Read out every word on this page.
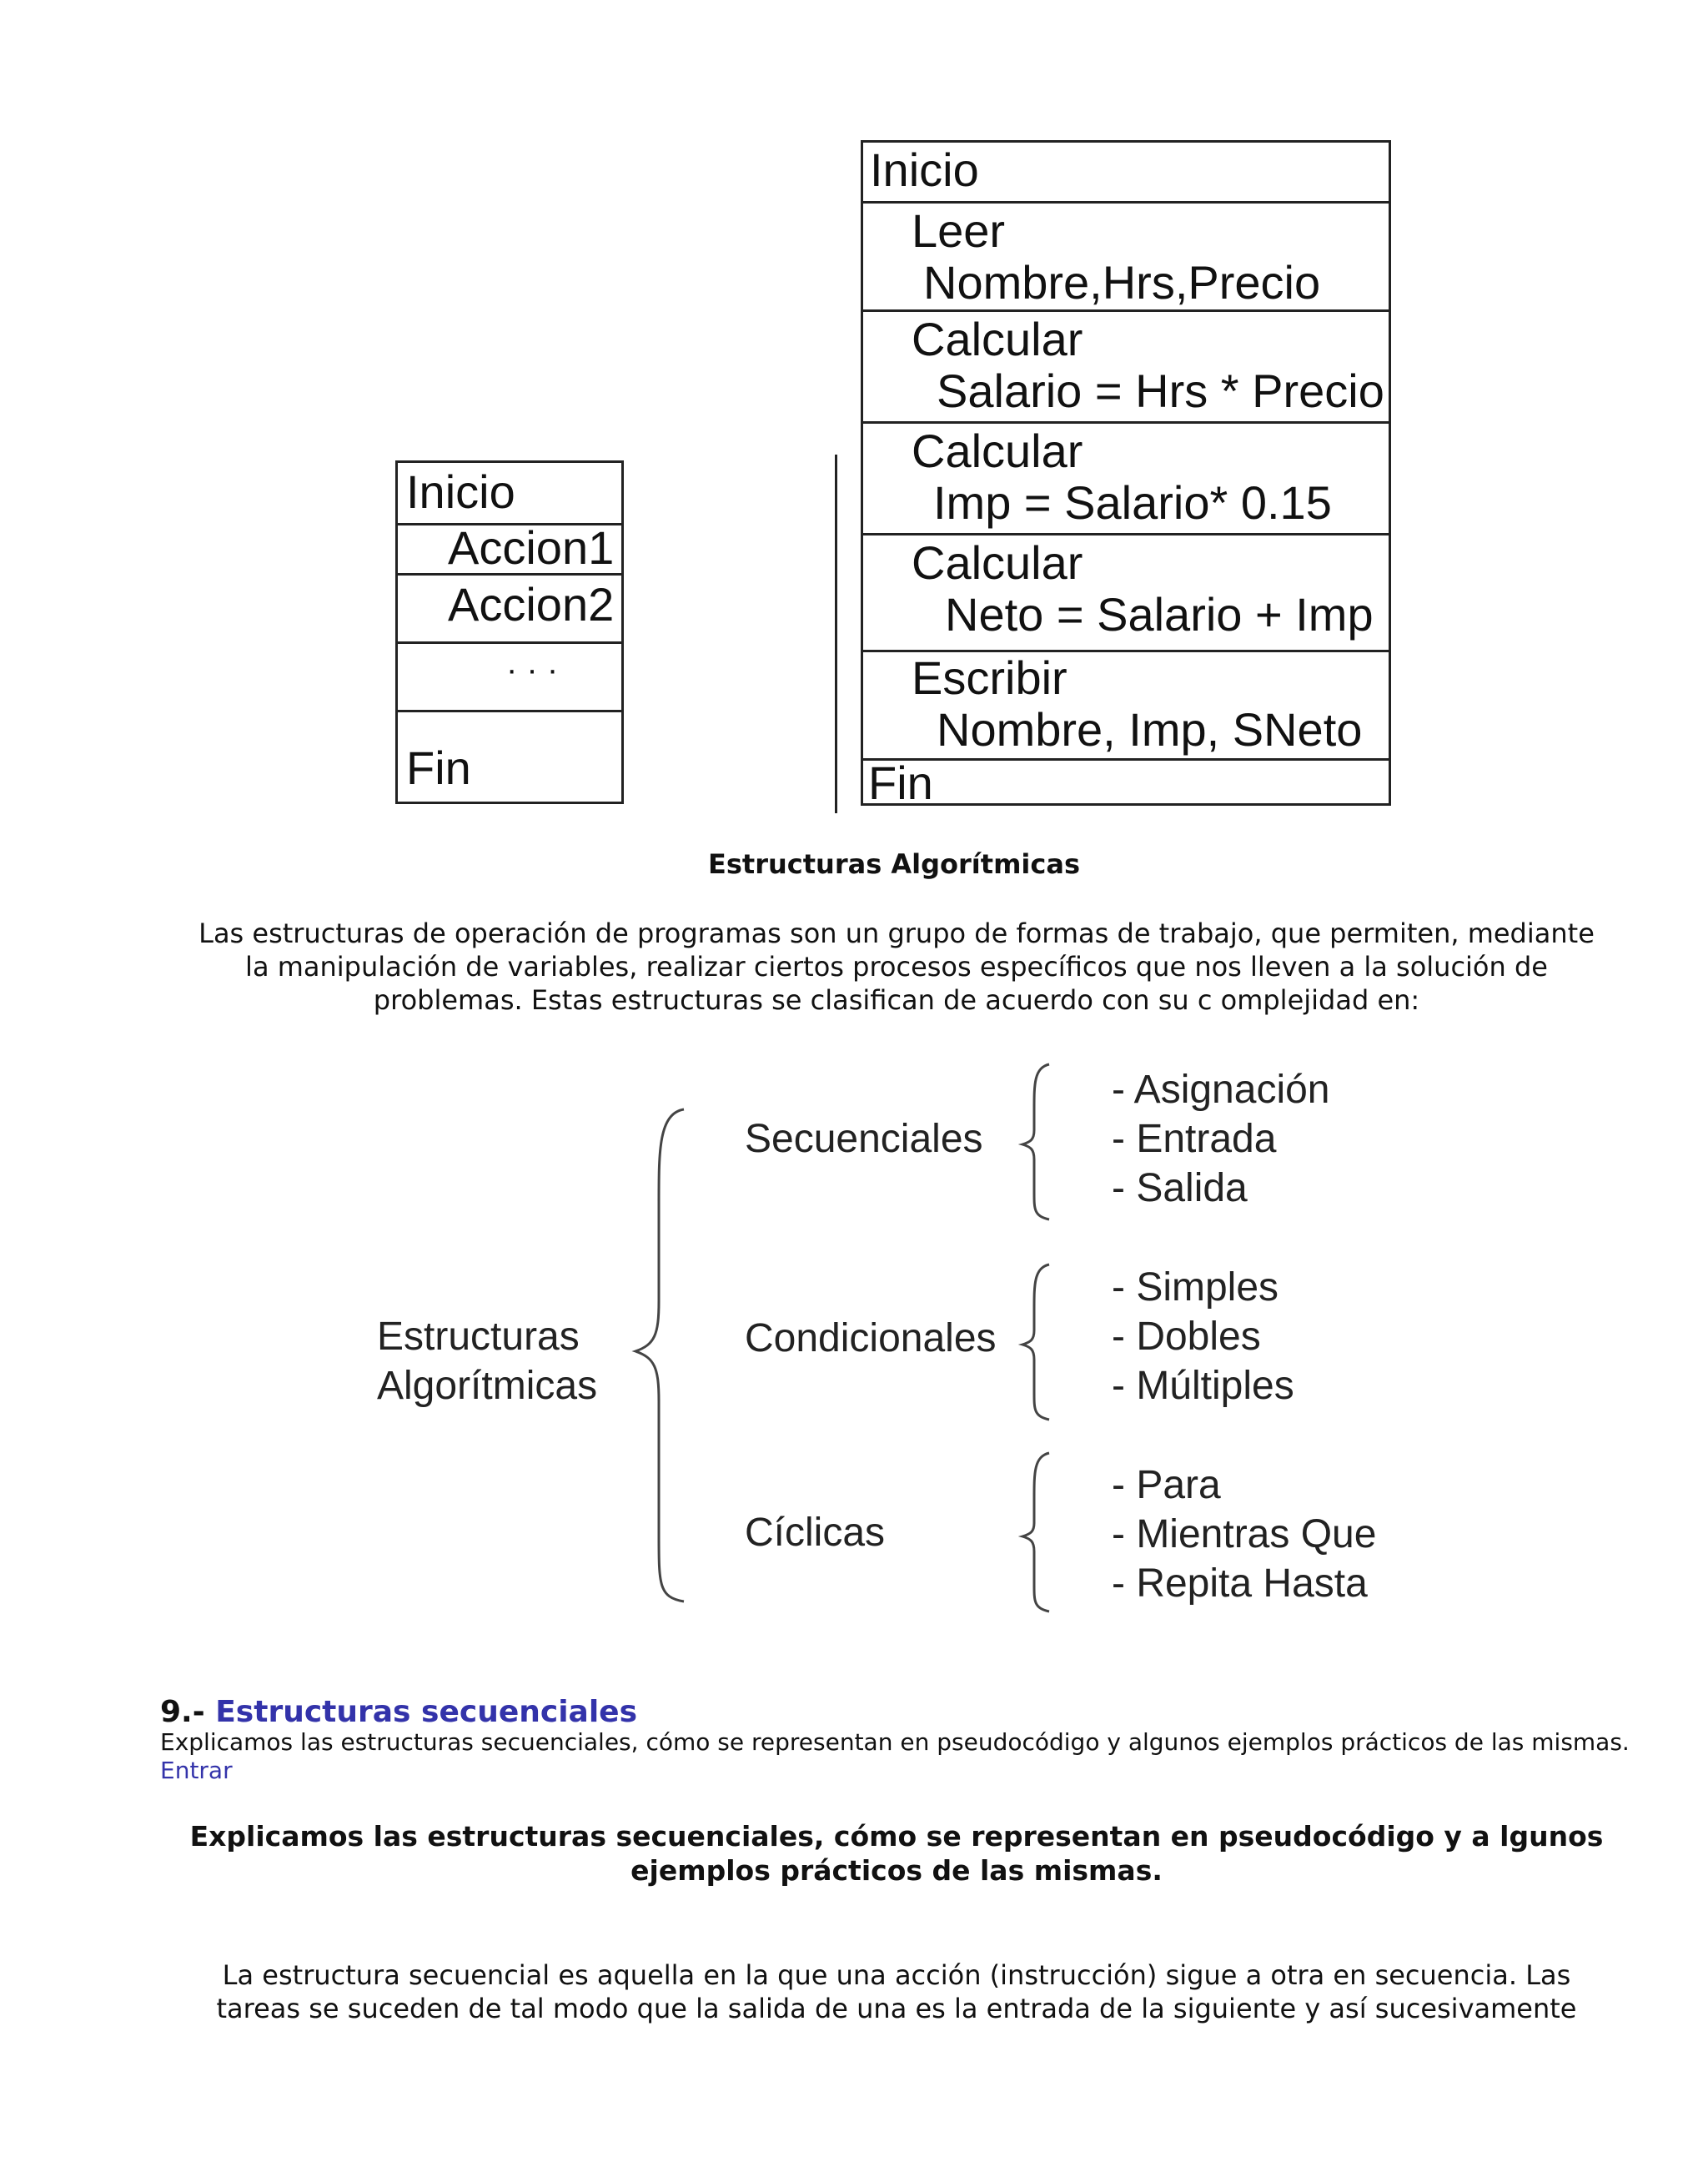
Inicio
Accion1
Accion2
· · ·
Fin
Inicio
Leer
Nombre,Hrs,Precio
Calcular
Salario = Hrs * Precio
Calcular
Imp = Salario* 0.15
Calcular
Neto = Salario + Imp
Escribir
Nombre, Imp, SNeto
Fin
Estructuras Algorítmicas
Las estructuras de operación de programas son un grupo de formas de trabajo, que permiten, mediante
la manipulación de variables, realizar ciertos procesos específicos que nos lleven a la solución de
problemas. Estas estructuras se clasifican de acuerdo con su c omplejidad en:
Estructuras
Algorítmicas
Secuenciales
Condicionales
Cíclicas
- Asignación
- Entrada
- Salida
- Simples
- Dobles
- Múltiples
- Para
- Mientras Que
- Repita Hasta
9.- Estructuras secuenciales
Explicamos las estructuras secuenciales, cómo se representan en pseudocódigo y algunos ejemplos prácticos de las mismas.
Entrar
Explicamos las estructuras secuenciales, cómo se representan en pseudocódigo y a lgunos
ejemplos prácticos de las mismas.
La estructura secuencial es aquella en la que una acción (instrucción) sigue a otra en secuencia. Las
tareas se suceden de tal modo que la salida de una es la entrada de la siguiente y así sucesivamente
